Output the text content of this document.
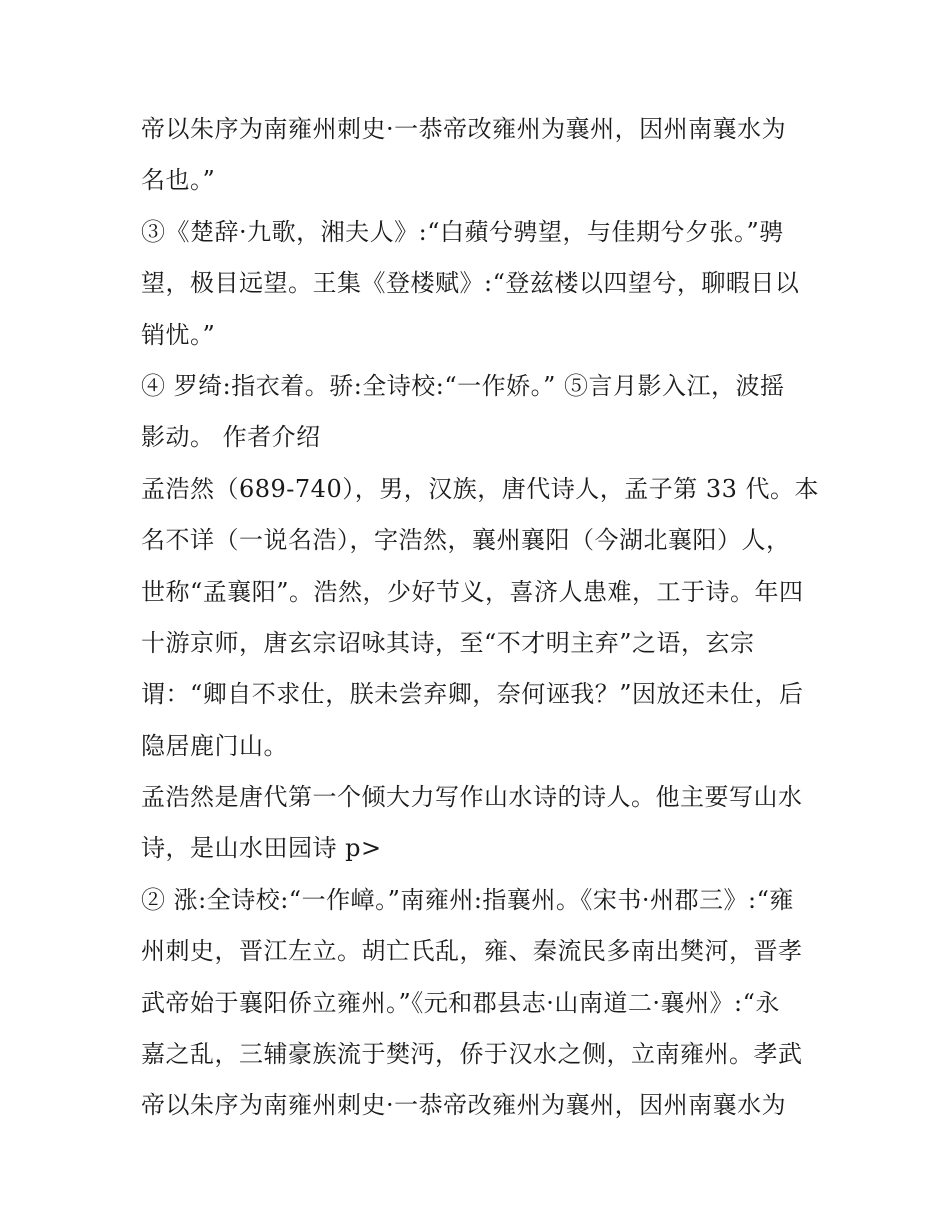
帝以朱序为南雍州刺史·一恭帝改雍州为襄州，因州南襄水为
名也。”
③《楚辞·九歌，湘夫人》:“白蘋兮骋望，与佳期兮夕张。”骋
望，极目远望。王集《登楼赋》:“登兹楼以四望兮，聊暇日以
销忧。”
④ 罗绮:指衣着。骄:全诗校:“一作娇。” ⑤言月影入江，波摇
影动。 作者介绍
孟浩然（689-740），男，汉族，唐代诗人，孟子第 33 代。本
名不详（一说名浩），字浩然，襄州襄阳（今湖北襄阳）人，
世称“孟襄阳”。浩然，少好节义，喜济人患难，工于诗。年四
十游京师，唐玄宗诏咏其诗，至“不才明主弃”之语，玄宗
谓：“卿自不求仕，朕未尝弃卿，奈何诬我？”因放还未仕，后
隐居鹿门山。
孟浩然是唐代第一个倾大力写作山水诗的诗人。他主要写山水
诗，是山水田园诗 p>
② 涨:全诗校:“一作嶂。”南雍州:指襄州。《宋书·州郡三》:“雍
州刺史，晋江左立。胡亡氏乱，雍、秦流民多南出樊河，晋孝
武帝始于襄阳侨立雍州。”《元和郡县志·山南道二·襄州》:“永
嘉之乱，三辅豪族流于樊沔，侨于汉水之侧，立南雍州。孝武
帝以朱序为南雍州刺史·一恭帝改雍州为襄州，因州南襄水为
